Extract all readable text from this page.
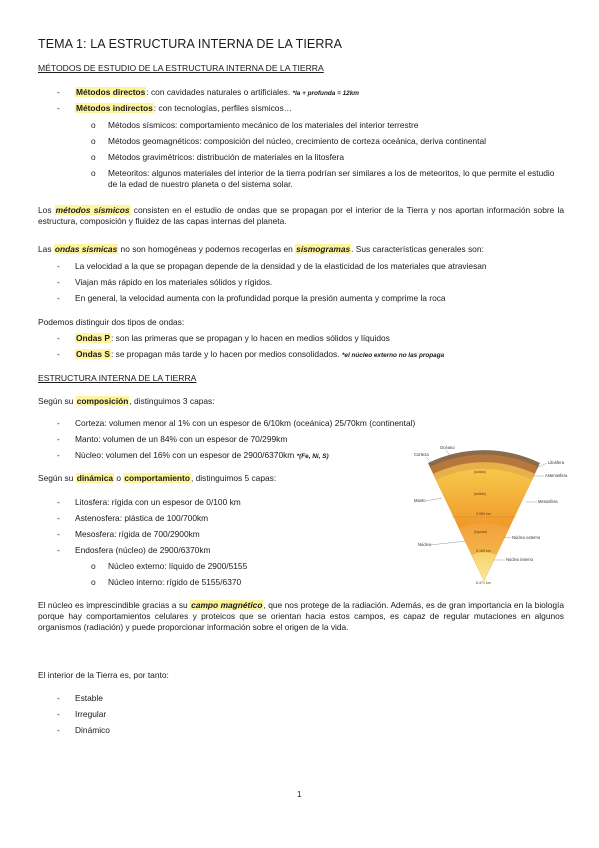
TEMA 1: LA ESTRUCTURA INTERNA DE LA TIERRA
MÉTODOS DE ESTUDIO DE LA ESTRUCTURA INTERNA DE LA TIERRA
- Métodos directos: con cavidades naturales o artificiales. *la + profunda = 12km
- Métodos indirectos: con tecnologías, perfiles sísmicos…
o Métodos sísmicos: comportamiento mecánico de los materiales del interior terrestre
o Métodos geomagnéticos: composición del núcleo, crecimiento de corteza oceánica, deriva continental
o Métodos gravimétricos: distribución de materiales en la litosfera
o Meteoritos: algunos materiales del interior de la tierra podrían ser similares a los de meteoritos, lo que permite el estudio de la edad de nuestro planeta o del sistema solar.
Los métodos sísmicos consisten en el estudio de ondas que se propagan por el interior de la Tierra y nos aportan información sobre la estructura, composición y fluidez de las capas internas del planeta.
Las ondas sísmicas no son homogéneas y podemos recogerlas en sismogramas. Sus características generales son:
- La velocidad a la que se propagan depende de la densidad y de la elasticidad de los materiales que atraviesan
- Viajan más rápido en los materiales sólidos y rígidos.
- En general, la velocidad aumenta con la profundidad porque la presión aumenta y comprime la roca
Podemos distinguir dos tipos de ondas:
- Ondas P: son las primeras que se propagan y lo hacen en medios sólidos y líquidos
- Ondas S: se propagan más tarde y lo hacen por medios consolidados. *el núcleo externo no las propaga
ESTRUCTURA INTERNA DE LA TIERRA
Según su composición, distinguimos 3 capas:
- Corteza: volumen menor al 1% con un espesor de 6/10km (oceánica) 25/70km (continental)
- Manto: volumen de un 84% con un espesor de 70/299km
- Núcleo: volumen del 16% con un espesor de 2900/6370km *(Fe, Ni, S)
Según su dinámica o comportamiento, distinguimos 5 capas:
- Litosfera: rígida con un espesor de 0/100 km
- Astenosfera: plástica de 100/700km
- Mesosfera: rígida de 700/2900km
- Endosfera (núcleo) de 2900/6370km
o Núcleo externo: líquido de 2900/5155
o Núcleo interno: rígido de 5155/6370
El núcleo es imprescindible gracias a su campo magnético, que nos protege de la radiación. Además, es de gran importancia en la biología porque hay comportamientos celulares y proteicos que se orientan hacia estos campos, es capaz de regular mutaciones en algunos organismos (radiación) y puede proporcionar información sobre el origen de la vida.
El interior de la Tierra es, por tanto:
- Estable
- Irregular
- Dinámico
Océano
Corteza
Litosfera
Astenosfera
Manto	Mesosfera
(sólido)
(sólido)
2.900 km
(líquido)
5.150 km
Núcleo
Núcleo externo
Núcleo interno
6.371 km
1
